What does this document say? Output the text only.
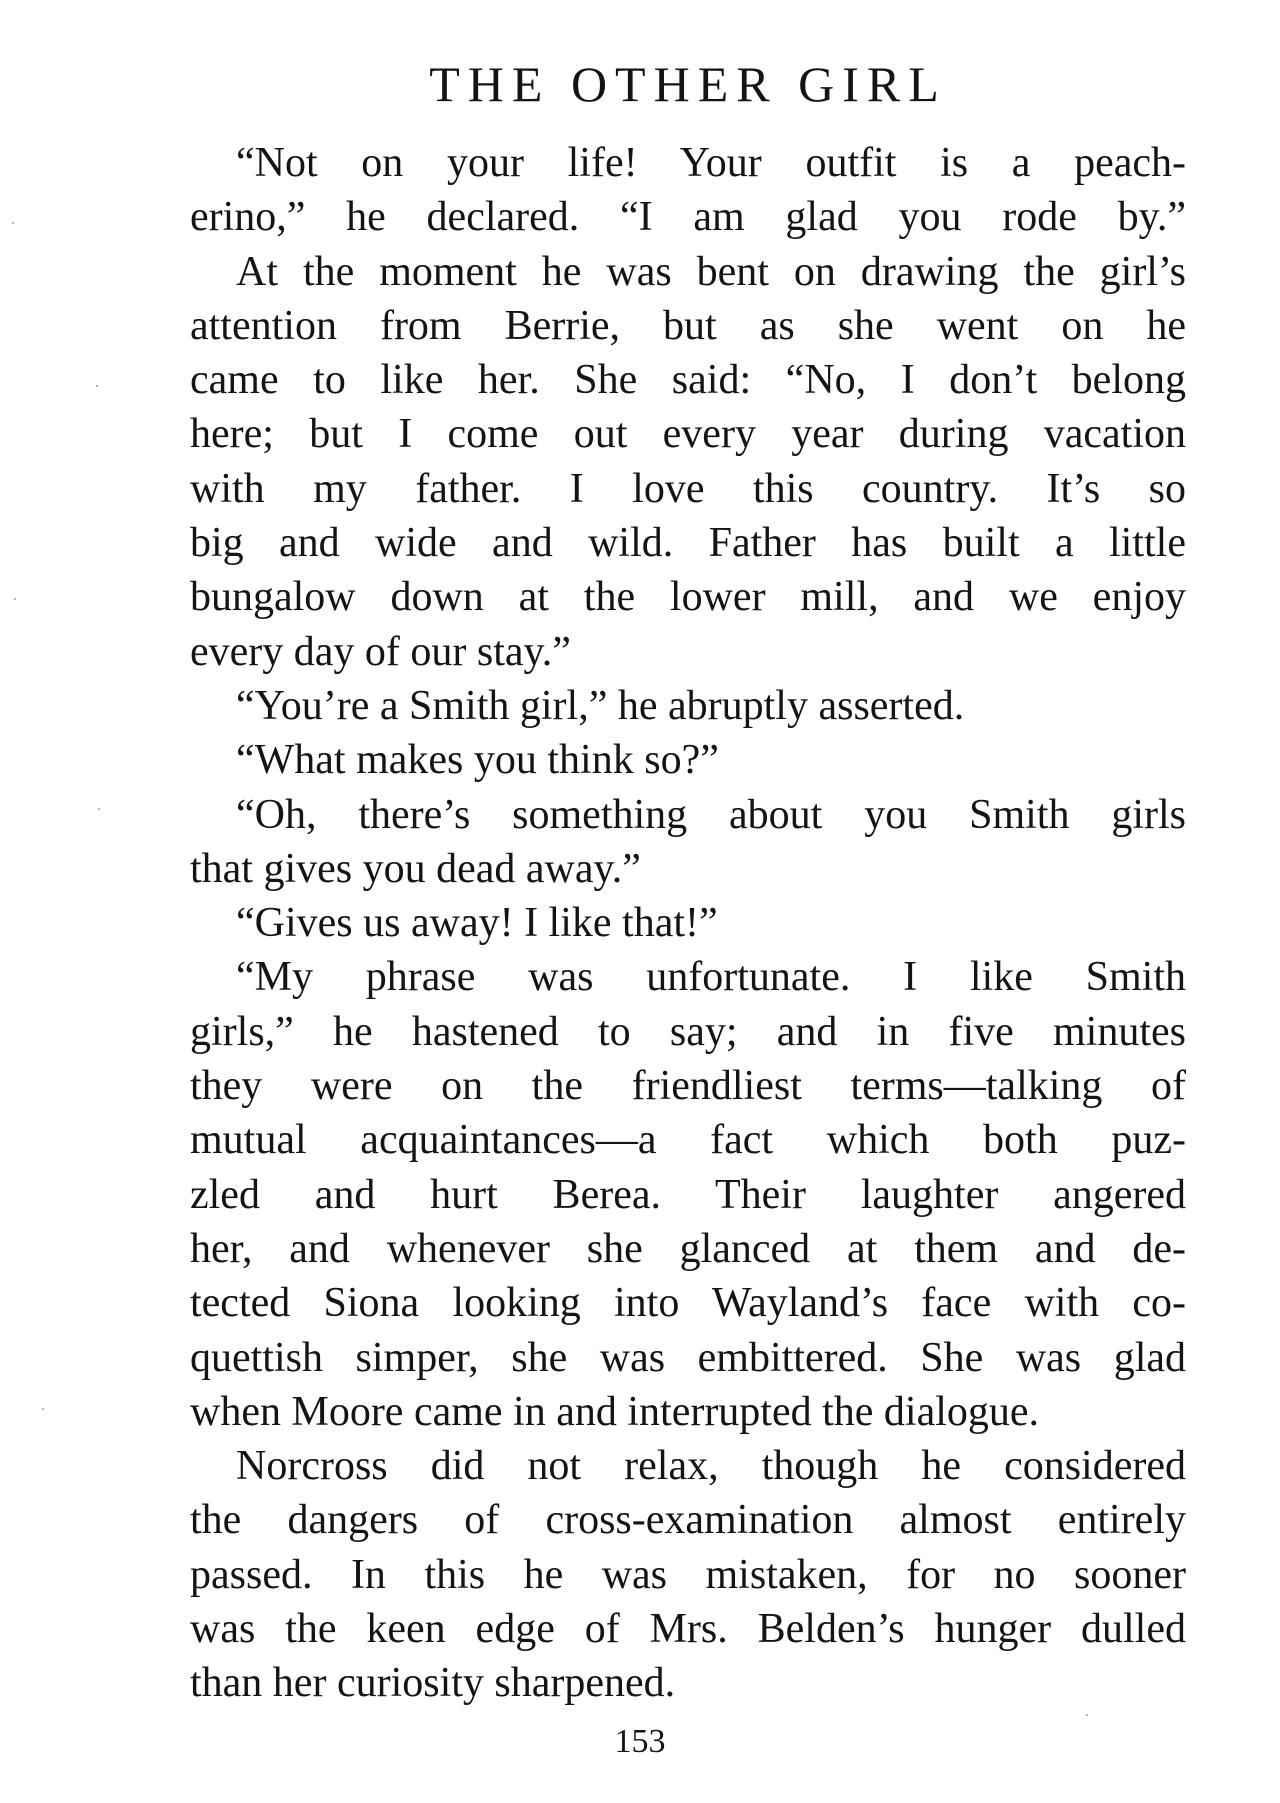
THE OTHER GIRL
“Not on your life! Your outfit is a peach-
erino,” he declared. “I am glad you rode by.”
At the moment he was bent on drawing the girl’s
attention from Berrie, but as she went on he
came to like her. She said: “No, I don’t belong
here; but I come out every year during vacation
with my father. I love this country. It’s so
big and wide and wild. Father has built a little
bungalow down at the lower mill, and we enjoy
every day of our stay.”
“You’re a Smith girl,” he abruptly asserted.
“What makes you think so?”
“Oh, there’s something about you Smith girls
that gives you dead away.”
“Gives us away! I like that!”
“My phrase was unfortunate. I like Smith
girls,” he hastened to say; and in five minutes
they were on the friendliest terms—talking of
mutual acquaintances—a fact which both puz-
zled and hurt Berea. Their laughter angered
her, and whenever she glanced at them and de-
tected Siona looking into Wayland’s face with co-
quettish simper, she was embittered. She was glad
when Moore came in and interrupted the dialogue.
Norcross did not relax, though he considered
the dangers of cross-examination almost entirely
passed. In this he was mistaken, for no sooner
was the keen edge of Mrs. Belden’s hunger dulled
than her curiosity sharpened.
153
